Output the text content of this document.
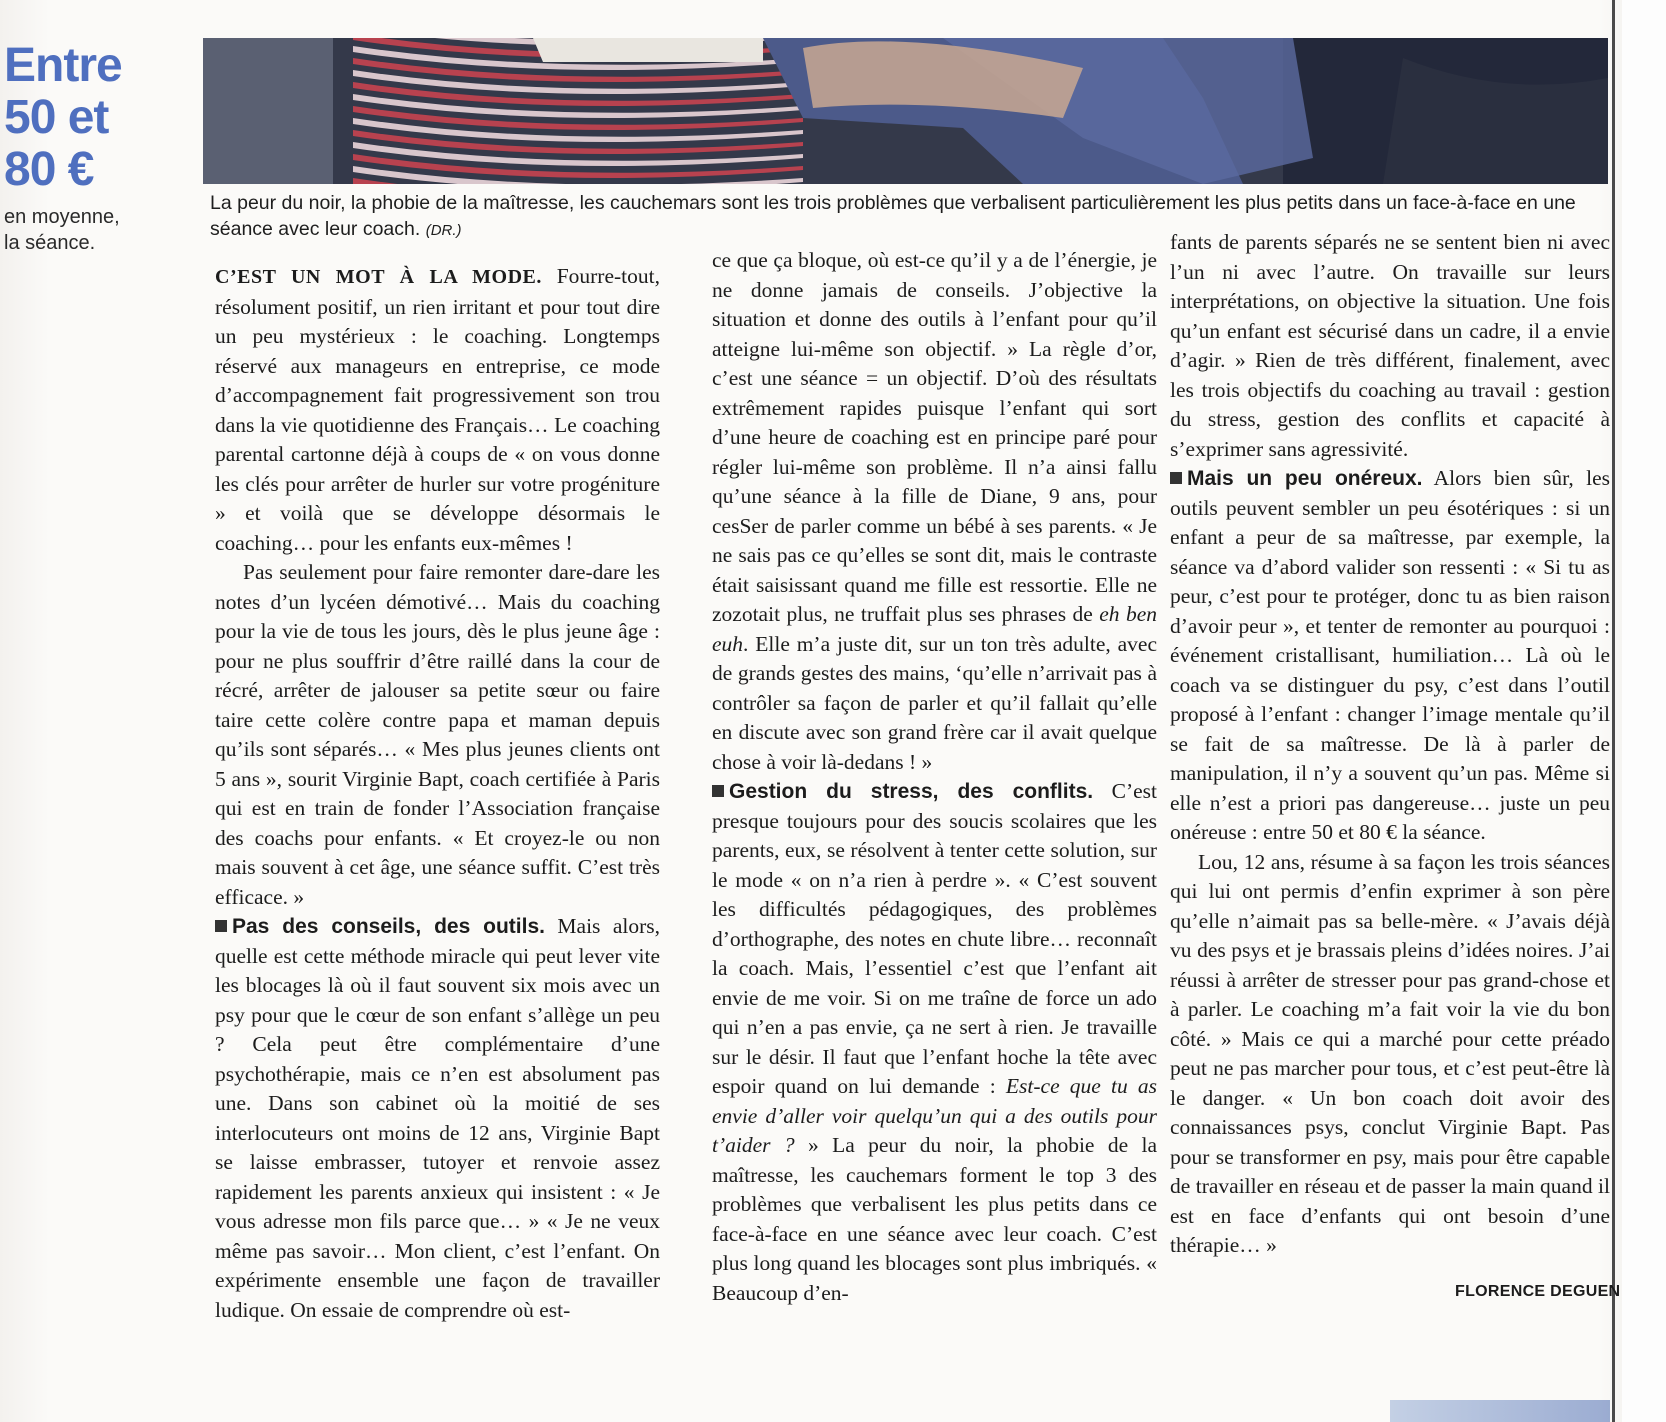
Entre
50 et
80 €
en moyenne,
la séance.
La peur du noir, la phobie de la maîtresse, les cauchemars sont les trois problèmes que verbalisent particulièrement les plus petits dans un face-à-face en une séance avec leur coach. (DR.)

C’EST UN MOT À LA MODE. Fourre-tout, résolument positif, un rien irritant et pour tout dire un peu mystérieux : le coaching. Longtemps réservé aux manageurs en entreprise, ce mode d’accompagnement fait progressivement son trou dans la vie quotidienne des Français… Le coaching parental cartonne déjà à coups de « on vous donne les clés pour arrêter de hurler sur votre progéniture » et voilà que se développe désormais le coaching… pour les enfants eux-mêmes !

Pas seulement pour faire remonter dare-dare les notes d’un lycéen démotivé… Mais du coaching pour la vie de tous les jours, dès le plus jeune âge : pour ne plus souffrir d’être raillé dans la cour de récré, arrêter de jalouser sa petite sœur ou faire taire cette colère contre papa et maman depuis qu’ils sont séparés… « Mes plus jeunes clients ont 5 ans », sourit Virginie Bapt, coach certifiée à Paris qui est en train de fonder l’Association française des coachs pour enfants. « Et croyez-le ou non mais souvent à cet âge, une séance suffit. C’est très efficace. »

Pas des conseils, des outils. Mais alors, quelle est cette méthode miracle qui peut lever vite les blocages là où il faut souvent six mois avec un psy pour que le cœur de son enfant s’allège un peu ? Cela peut être complémentaire d’une psychothérapie, mais ce n’en est absolument pas une. Dans son cabinet où la moitié de ses interlocuteurs ont moins de 12 ans, Virginie Bapt se laisse embrasser, tutoyer et renvoie assez rapidement les parents anxieux qui insistent : « Je vous adresse mon fils parce que… » « Je ne veux même pas savoir… Mon client, c’est l’enfant. On expérimente ensemble une façon de travailler ludique. On essaie de comprendre où est-

ce que ça bloque, où est-ce qu’il y a de l’énergie, je ne donne jamais de conseils. J’objective la situation et donne des outils à l’enfant pour qu’il atteigne lui-même son objectif. » La règle d’or, c’est une séance = un objectif. D’où des résultats extrêmement rapides puisque l’enfant qui sort d’une heure de coaching est en principe paré pour régler lui-même son problème. Il n’a ainsi fallu qu’une séance à la fille de Diane, 9 ans, pour cesSer de parler comme un bébé à ses parents. « Je ne sais pas ce qu’elles se sont dit, mais le contraste était saisissant quand me fille est ressortie. Elle ne zozotait plus, ne truffait plus ses phrases de eh ben euh. Elle m’a juste dit, sur un ton très adulte, avec de grands gestes des mains, ‘qu’elle n’arrivait pas à contrôler sa façon de parler et qu’il fallait qu’elle en discute avec son grand frère car il avait quelque chose à voir là-dedans ! »

Gestion du stress, des conflits. C’est presque toujours pour des soucis scolaires que les parents, eux, se résolvent à tenter cette solution, sur le mode « on n’a rien à perdre ». « C’est souvent les difficultés pédagogiques, des problèmes d’orthographe, des notes en chute libre… reconnaît la coach. Mais, l’essentiel c’est que l’enfant ait envie de me voir. Si on me traîne de force un ado qui n’en a pas envie, ça ne sert à rien. Je travaille sur le désir. Il faut que l’enfant hoche la tête avec espoir quand on lui demande : Est-ce que tu as envie d’aller voir quelqu’un qui a des outils pour t’aider ? » La peur du noir, la phobie de la maîtresse, les cauchemars forment le top 3 des problèmes que verbalisent les plus petits dans ce face-à-face en une séance avec leur coach. C’est plus long quand les blocages sont plus imbriqués. « Beaucoup d’en-

fants de parents séparés ne se sentent bien ni avec l’un ni avec l’autre. On travaille sur leurs interprétations, on objective la situation. Une fois qu’un enfant est sécurisé dans un cadre, il a envie d’agir. » Rien de très différent, finalement, avec les trois objectifs du coaching au travail : gestion du stress, gestion des conflits et capacité à s’exprimer sans agressivité.

Mais un peu onéreux. Alors bien sûr, les outils peuvent sembler un peu ésotériques : si un enfant a peur de sa maîtresse, par exemple, la séance va d’abord valider son ressenti : « Si tu as peur, c’est pour te protéger, donc tu as bien raison d’avoir peur », et tenter de remonter au pourquoi : événement cristallisant, humiliation… Là où le coach va se distinguer du psy, c’est dans l’outil proposé à l’enfant : changer l’image mentale qu’il se fait de sa maîtresse. De là à parler de manipulation, il n’y a souvent qu’un pas. Même si elle n’est a priori pas dangereuse… juste un peu onéreuse : entre 50 et 80 € la séance.

Lou, 12 ans, résume à sa façon les trois séances qui lui ont permis d’enfin exprimer à son père qu’elle n’aimait pas sa belle-mère. « J’avais déjà vu des psys et je brassais pleins d’idées noires. J’ai réussi à arrêter de stresser pour pas grand-chose et à parler. Le coaching m’a fait voir la vie du bon côté. » Mais ce qui a marché pour cette préado peut ne pas marcher pour tous, et c’est peut-être là le danger. « Un bon coach doit avoir des connaissances psys, conclut Virginie Bapt. Pas pour se transformer en psy, mais pour être capable de travailler en réseau et de passer la main quand il est en face d’enfants qui ont besoin d’une thérapie… »

FLORENCE DEGUEN
